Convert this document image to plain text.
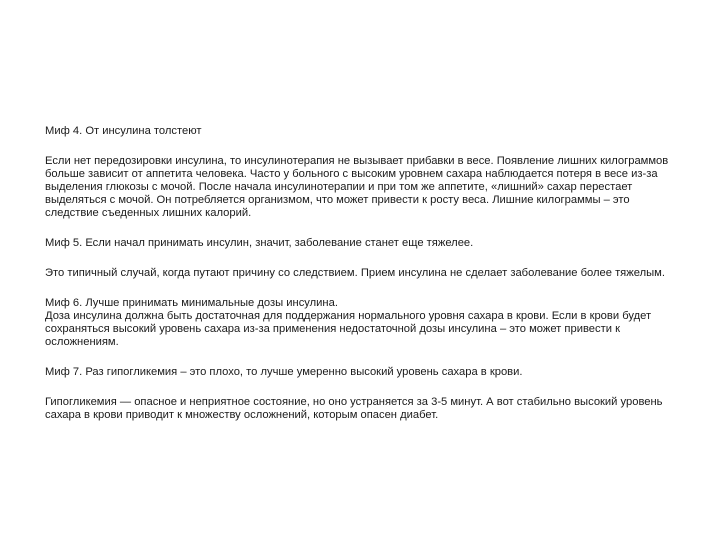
Миф 4. От инсулина толстеют

Если нет передозировки инсулина, то инсулинотерапия не вызывает прибавки в весе. Появление лишних килограммов больше зависит от аппетита человека. Часто у больного с высоким уровнем сахара наблюдается потеря в весе из-за выделения глюкозы с мочой. После начала инсулинотерапии и при том же аппетите, «лишний» сахар перестает выделяться с мочой. Он потребляется организмом, что может привести к росту веса. Лишние килограммы – это следствие съеденных лишних калорий.

Миф 5. Если начал принимать инсулин, значит, заболевание станет еще тяжелее.

Это типичный случай, когда путают причину со следствием. Прием инсулина не сделает заболевание более тяжелым.

Миф 6. Лучше принимать минимальные дозы инсулина.

Доза инсулина должна быть достаточная для поддержания нормального уровня сахара в крови. Если в крови будет сохраняться высокий уровень сахара из-за применения недостаточной дозы инсулина – это может привести к осложнениям.

Миф 7. Раз гипогликемия – это плохо, то лучше умеренно высокий уровень сахара в крови.

Гипогликемия — опасное и неприятное состояние, но оно устраняется за 3-5 минут. А вот стабильно высокий уровень сахара в крови приводит к множеству осложнений, которым опасен диабет.
